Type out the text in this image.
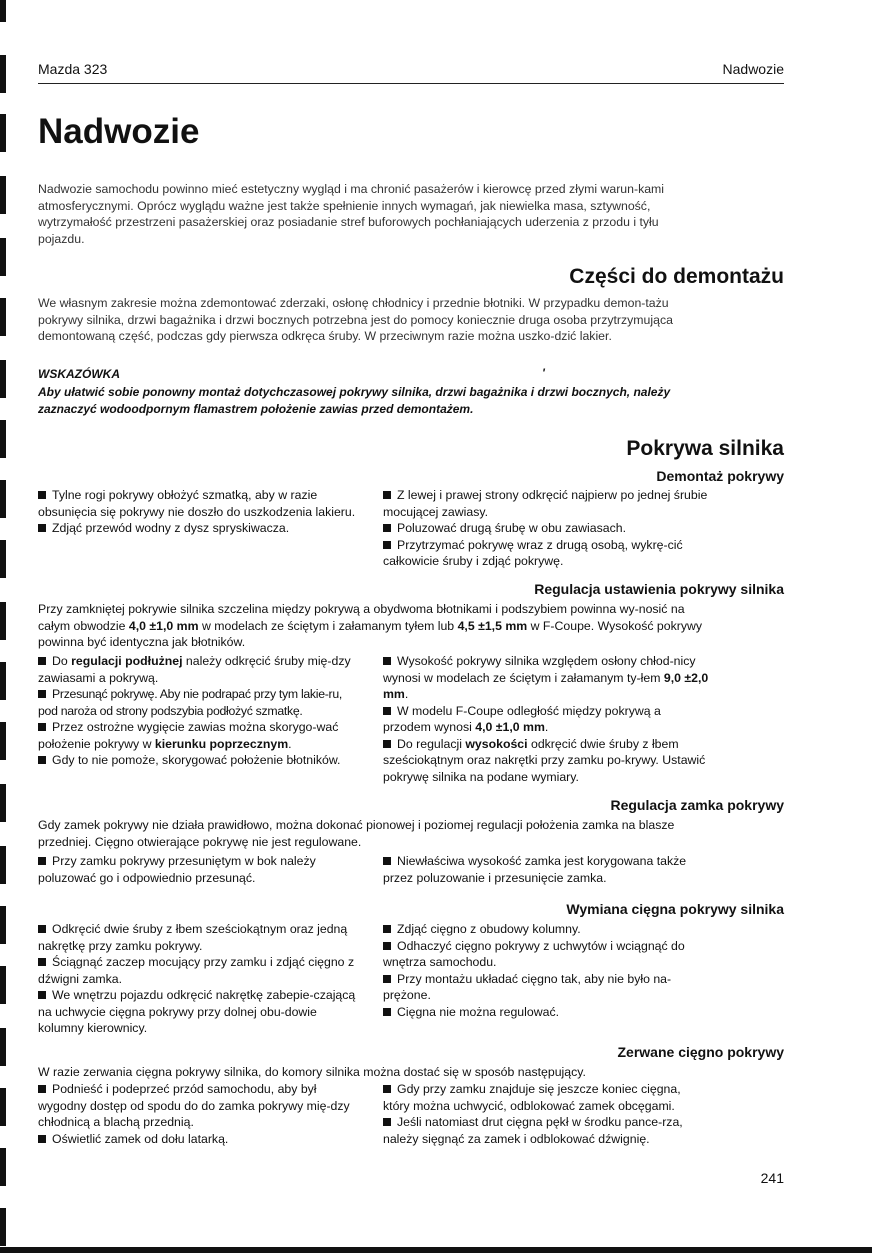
Mazda 323	Nadwozie
Nadwozie

Nadwozie samochodu powinno mieć estetyczny wygląd i ma chronić pasażerów i kierowcę przed złymi warun-kami atmosferycznymi. Oprócz wyglądu ważne jest także spełnienie innych wymagań, jak niewielka masa, sztywność, wytrzymałość przestrzeni pasażerskiej oraz posiadanie stref buforowych pochłaniających uderzenia z przodu i tyłu pojazdu.

Części do demontażu

We własnym zakresie można zdemontować zderzaki, osłonę chłodnicy i przednie błotniki. W przypadku demon-tażu pokrywy silnika, drzwi bagażnika i drzwi bocznych potrzebna jest do pomocy koniecznie druga osoba przytrzymująca demontowaną część, podczas gdy pierwsza odkręca śruby. W przeciwnym razie można uszko-dzić lakier.

WSKAZÓWKA	'

Aby ułatwić sobie ponowny montaż dotychczasowej pokrywy silnika, drzwi bagażnika i drzwi bocznych, należy zaznaczyć wodoodpornym flamastrem położenie zawias przed demontażem.

Pokrywa silnika
Demontaż pokrywy

Tylne rogi pokrywy obłożyć szmatką, aby w razie obsunięcia się pokrywy nie doszło do uszkodzenia lakieru.

Zdjąć przewód wodny z dysz spryskiwacza.

Z lewej i prawej strony odkręcić najpierw po jednej śrubie mocującej zawiasy.

Poluzować drugą śrubę w obu zawiasach.

Przytrzymać pokrywę wraz z drugą osobą, wykrę-cić całkowicie śruby i zdjąć pokrywę.

Regulacja ustawienia pokrywy silnika

Przy zamkniętej pokrywie silnika szczelina między pokrywą a obydwoma błotnikami i podszybiem powinna wy-nosić na całym obwodzie 4,0 ±1,0 mm w modelach ze ściętym i załamanym tyłem lub 4,5 ±1,5 mm w F-Coupe. Wysokość pokrywy powinna być identyczna jak błotników.

Do regulacji podłużnej należy odkręcić śruby mię-dzy zawiasami a pokrywą.

Przesunąć pokrywę. Aby nie podrapać przy tym lakie-ru, pod naroża od strony podszybia podłożyć szmatkę.

Przez ostrożne wygięcie zawias można skorygo-wać położenie pokrywy w kierunku poprzecznym.

Gdy to nie pomoże, skorygować położenie błotników.

Wysokość pokrywy silnika względem osłony chłod-nicy wynosi w modelach ze ściętym i załamanym ty-łem 9,0 ±2,0 mm.

W modelu F-Coupe odległość między pokrywą a przodem wynosi 4,0 ±1,0 mm.

Do regulacji wysokości odkręcić dwie śruby z łbem sześciokątnym oraz nakrętki przy zamku po-krywy. Ustawić pokrywę silnika na podane wymiary.

Regulacja zamka pokrywy

Gdy zamek pokrywy nie działa prawidłowo, można dokonać pionowej i poziomej regulacji położenia zamka na blasze przedniej. Cięgno otwierające pokrywę nie jest regulowane.

Przy zamku pokrywy przesuniętym w bok należy poluzować go i odpowiednio przesunąć.

Niewłaściwa wysokość zamka jest korygowana także przez poluzowanie i przesunięcie zamka.

Wymiana cięgna pokrywy silnika

Odkręcić dwie śruby z łbem sześciokątnym oraz jedną nakrętkę przy zamku pokrywy.

Ściągnąć zaczep mocujący przy zamku i zdjąć cięgno z dźwigni zamka.

We wnętrzu pojazdu odkręcić nakrętkę zabepie-czającą na uchwycie cięgna pokrywy przy dolnej obu-dowie kolumny kierownicy.

Zdjąć cięgno z obudowy kolumny.

Odhaczyć cięgno pokrywy z uchwytów i wciągnąć do wnętrza samochodu.

Przy montażu układać cięgno tak, aby nie było na-prężone.

Cięgna nie można regulować.

Zerwane cięgno pokrywy

W razie zerwania cięgna pokrywy silnika, do komory silnika można dostać się w sposób następujący.

Podnieść i podeprzeć przód samochodu, aby był wygodny dostęp od spodu do do zamka pokrywy mię-dzy chłodnicą a blachą przednią.

Oświetlić zamek od dołu latarką.

Gdy przy zamku znajduje się jeszcze koniec cięgna, który można uchwycić, odblokować zamek obcęgami.

Jeśli natomiast drut cięgna pękł w środku pance-rza, należy sięgnąć za zamek i odblokować dźwignię.

241
